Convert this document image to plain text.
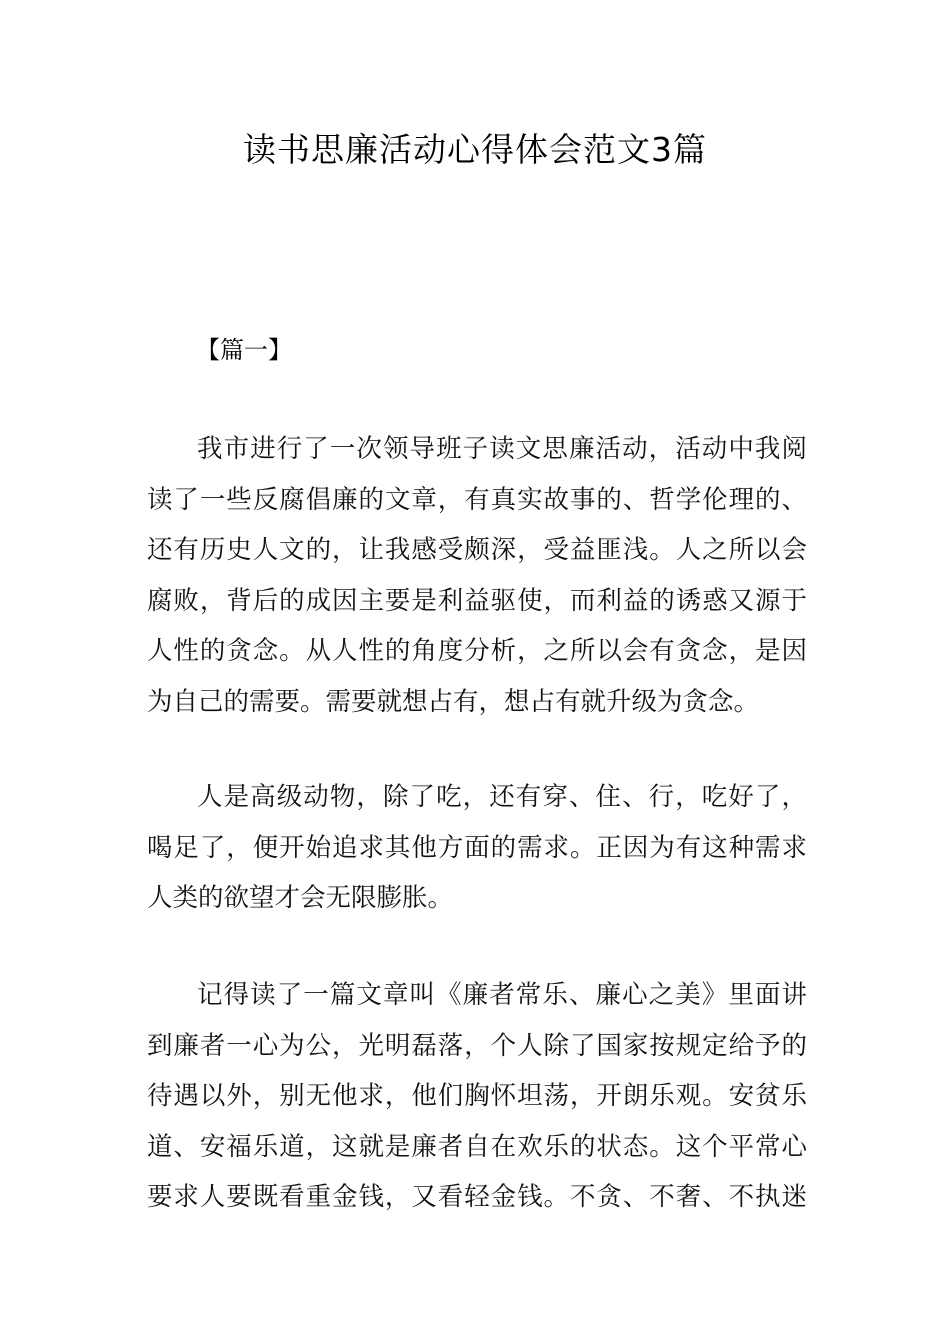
读书思廉活动心得体会范文3篇
【篇一】
我市进行了一次领导班子读文思廉活动，活动中我阅
读了一些反腐倡廉的文章，有真实故事的、哲学伦理的、
还有历史人文的，让我感受颇深，受益匪浅。人之所以会
腐败，背后的成因主要是利益驱使，而利益的诱惑又源于
人性的贪念。从人性的角度分析，之所以会有贪念，是因
为自己的需要。需要就想占有，想占有就升级为贪念。
人是高级动物，除了吃，还有穿、住、行，吃好了，
喝足了，便开始追求其他方面的需求。正因为有这种需求
人类的欲望才会无限膨胀。
记得读了一篇文章叫《廉者常乐、廉心之美》里面讲
到廉者一心为公，光明磊落，个人除了国家按规定给予的
待遇以外，别无他求，他们胸怀坦荡，开朗乐观。安贫乐
道、安福乐道，这就是廉者自在欢乐的状态。这个平常心
要求人要既看重金钱，又看轻金钱。不贪、不奢、不执迷
